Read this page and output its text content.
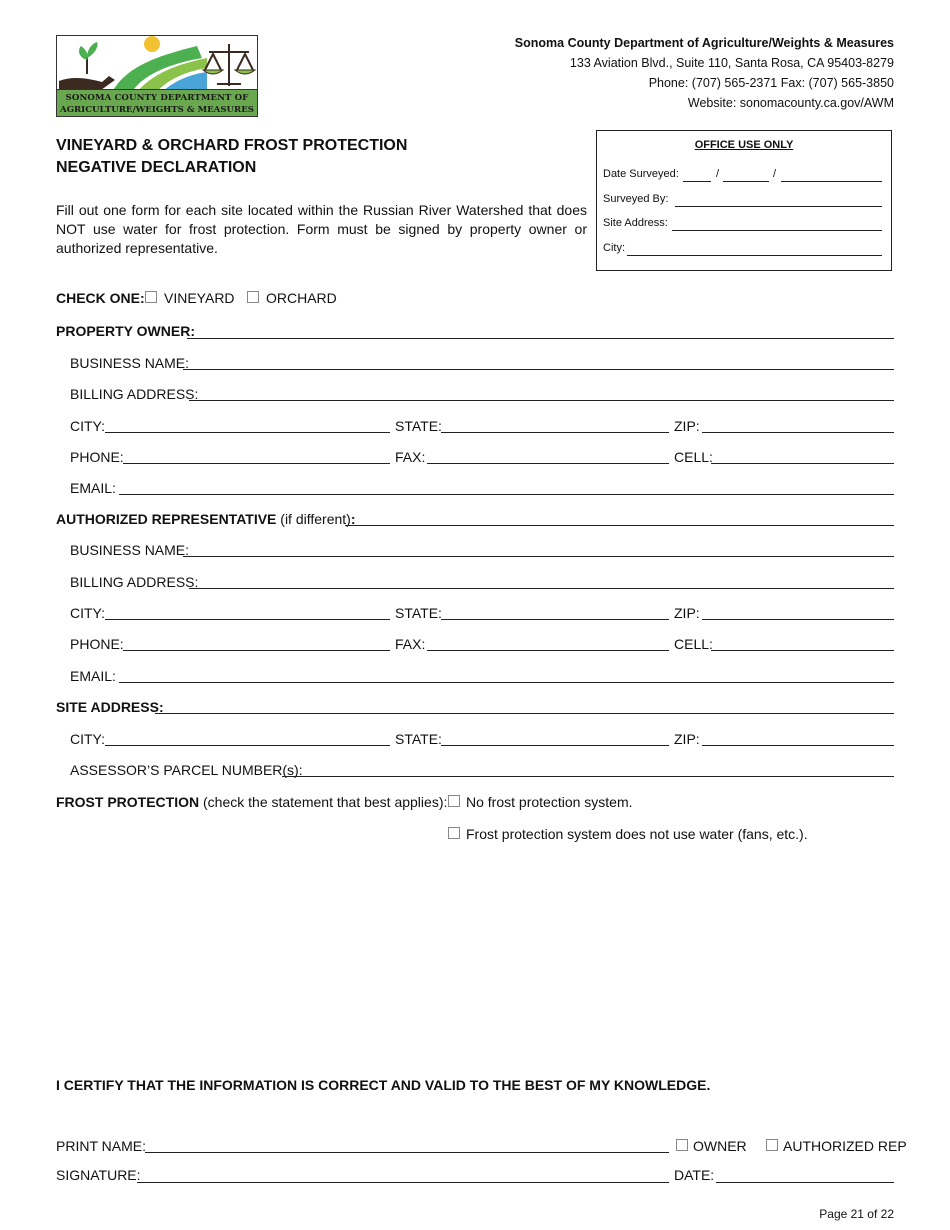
SONOMA COUNTY DEPARTMENT OF
AGRICULTURE/WEIGHTS & MEASURES
Sonoma County Department of Agriculture/Weights & Measures
133 Aviation Blvd., Suite 110, Santa Rosa, CA 95403-8279
Phone: (707) 565-2371 Fax: (707) 565-3850
Website: sonomacounty.ca.gov/AWM
VINEYARD & ORCHARD FROST PROTECTION
NEGATIVE DECLARATION
Fill out one form for each site located within the Russian River Watershed that does NOT use water for frost protection. Form must be signed by property owner or authorized representative.
OFFICE USE ONLY
Date Surveyed:	/	/
Surveyed By:
Site Address:
City:
CHECK ONE: VINEYARD ORCHARD
PROPERTY OWNER:
BUSINESS NAME:
BILLING ADDRESS:
CITY:	STATE:	ZIP:
PHONE:	FAX:	CELL:
EMAIL:
AUTHORIZED REPRESENTATIVE (if different):
BUSINESS NAME:
BILLING ADDRESS:
CITY:	STATE:	ZIP:
PHONE:	FAX:	CELL:
EMAIL:
SITE ADDRESS:
CITY:	STATE:	ZIP:
ASSESSOR’S PARCEL NUMBER(s):
FROST PROTECTION (check the statement that best applies): No frost protection system.
Frost protection system does not use water (fans, etc.).
I CERTIFY THAT THE INFORMATION IS CORRECT AND VALID TO THE BEST OF MY KNOWLEDGE.
PRINT NAME:	OWNER	AUTHORIZED REP
SIGNATURE:	DATE:
Page 21 of 22
